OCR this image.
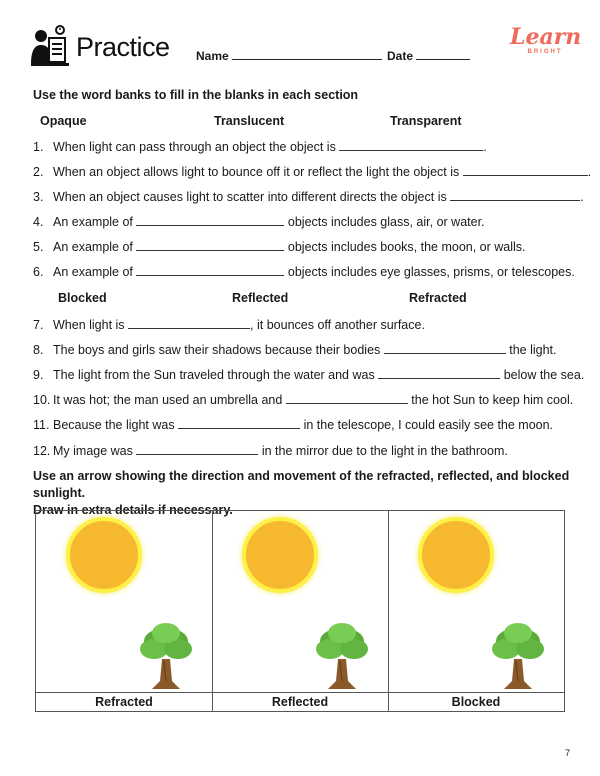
Practice Name	Date
Learn
BRIGHT
Use the word banks to fill in the blanks in each section
Opaque	Translucent	Transparent
1. When light can pass through an object the object is	.
2. When an object allows light to bounce off it or reflect the light the object is	.
3. When an object causes light to scatter into different directs the object is	.
4. An example of	objects includes glass, air, or water.
5. An example of	objects includes books, the moon, or walls.
6. An example of	objects includes eye glasses, prisms, or telescopes.
Blocked	Reflected	Refracted
7. When light is	, it bounces off another surface.
8. The boys and girls saw their shadows because their bodies	the light.
9. The light from the Sun traveled through the water and was	below the sea.
10. It was hot; the man used an umbrella and	the hot Sun to keep him cool.
11. Because the light was	in the telescope, I could easily see the moon.
12. My image was	in the mirror due to the light in the bathroom.
Use an arrow showing the direction and movement of the refracted, reflected, and blocked sunlight.
Draw in extra details if necessary.
Refracted	Reflected	Blocked
7
